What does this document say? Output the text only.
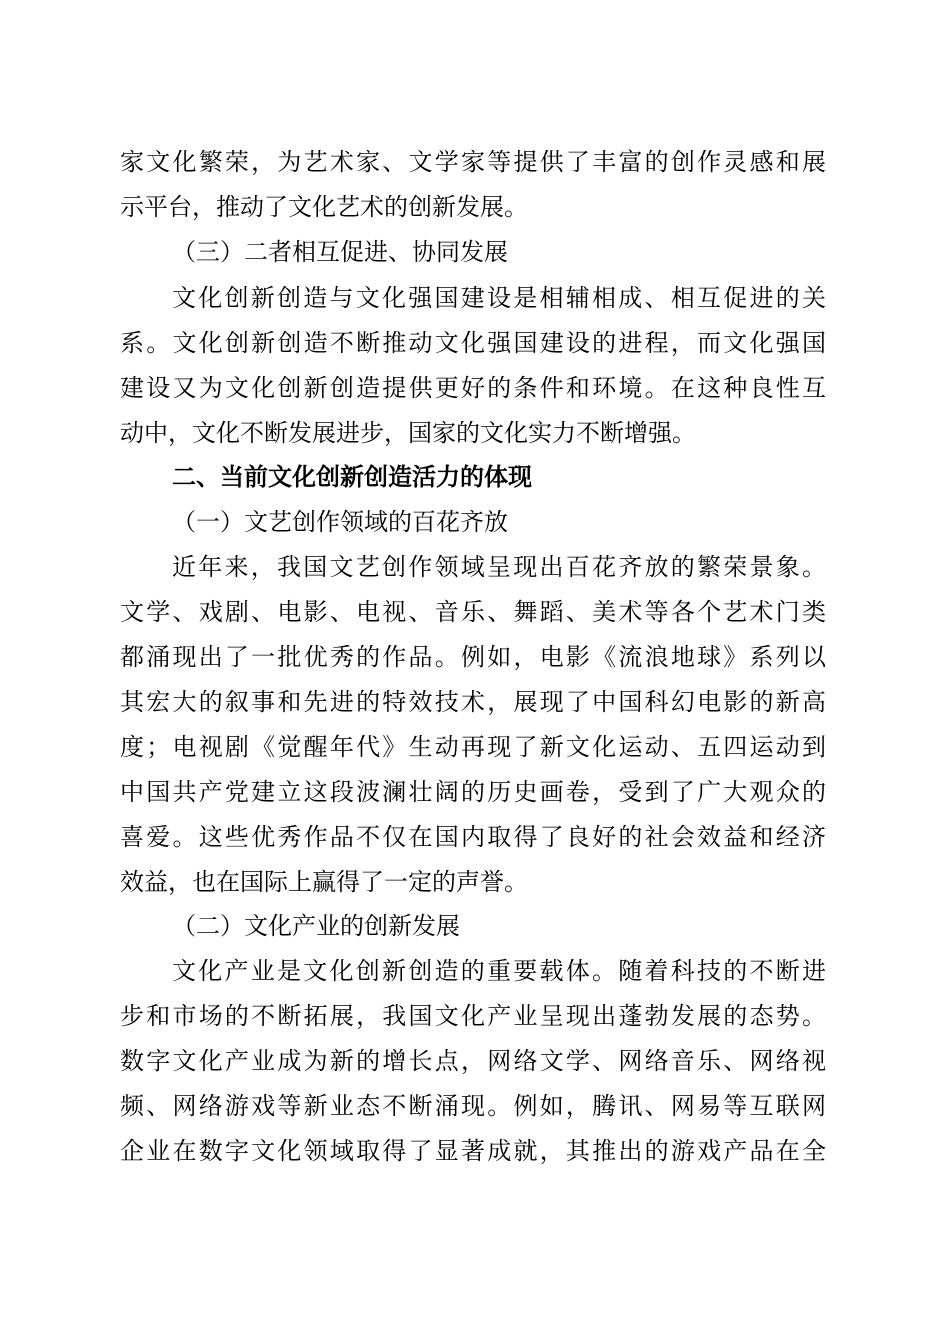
家文化繁荣，为艺术家、文学家等提供了丰富的创作灵感和展
示平台，推动了文化艺术的创新发展。
（三）二者相互促进、协同发展
文化创新创造与文化强国建设是相辅相成、相互促进的关
系。文化创新创造不断推动文化强国建设的进程，而文化强国
建设又为文化创新创造提供更好的条件和环境。在这种良性互
动中，文化不断发展进步，国家的文化实力不断增强。
二、当前文化创新创造活力的体现
（一）文艺创作领域的百花齐放
近年来，我国文艺创作领域呈现出百花齐放的繁荣景象。
文学、戏剧、电影、电视、音乐、舞蹈、美术等各个艺术门类
都涌现出了一批优秀的作品。例如，电影《流浪地球》系列以
其宏大的叙事和先进的特效技术，展现了中国科幻电影的新高
度；电视剧《觉醒年代》生动再现了新文化运动、五四运动到
中国共产党建立这段波澜壮阔的历史画卷，受到了广大观众的
喜爱。这些优秀作品不仅在国内取得了良好的社会效益和经济
效益，也在国际上赢得了一定的声誉。
（二）文化产业的创新发展
文化产业是文化创新创造的重要载体。随着科技的不断进
步和市场的不断拓展，我国文化产业呈现出蓬勃发展的态势。
数字文化产业成为新的增长点，网络文学、网络音乐、网络视
频、网络游戏等新业态不断涌现。例如，腾讯、网易等互联网
企业在数字文化领域取得了显著成就，其推出的游戏产品在全
